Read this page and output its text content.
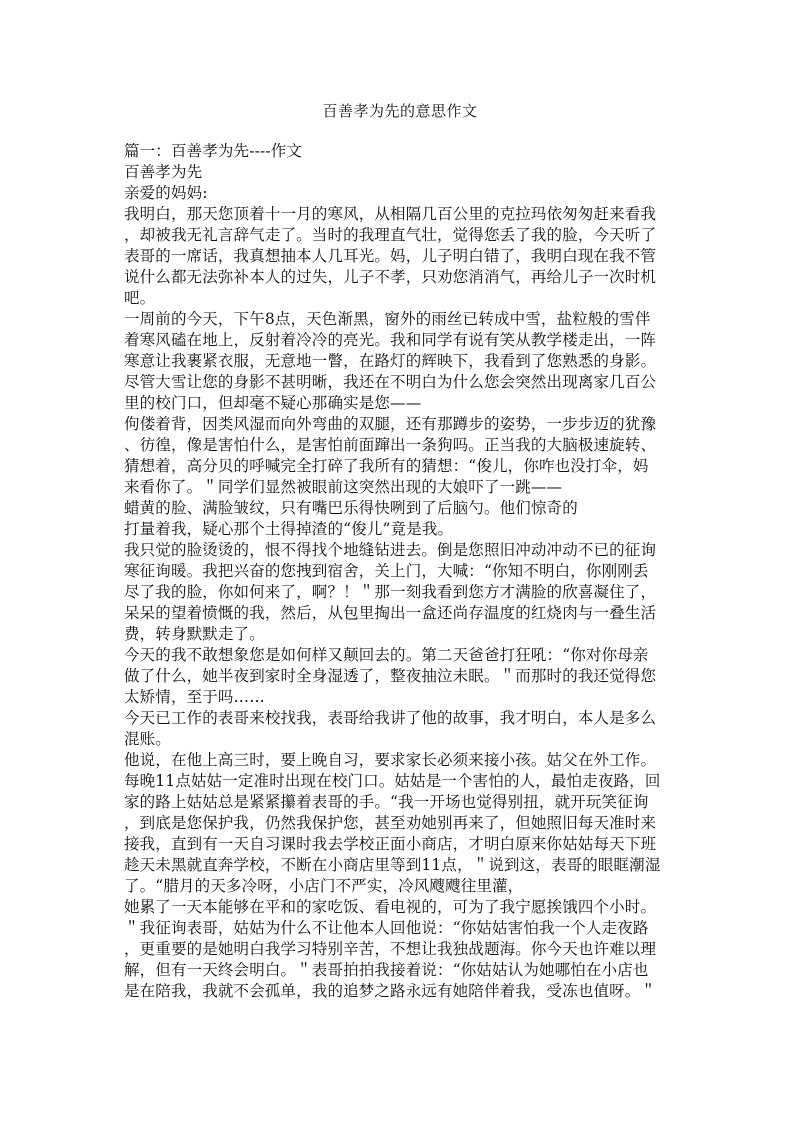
百善孝为先的意思作文
篇一：百善孝为先----作文
百善孝为先
亲爱的妈妈:
我明白，那天您顶着十一月的寒风，从相隔几百公里的克拉玛依匆匆赶来看我
，却被我无礼言辞气走了。当时的我理直气壮，觉得您丢了我的脸，今天听了
表哥的一席话，我真想抽本人几耳光。妈，儿子明白错了，我明白现在我不管
说什么都无法弥补本人的过失，儿子不孝，只劝您消消气，再给儿子一次时机
吧。
一周前的今天，下午8点，天色渐黑，窗外的雨丝已转成中雪，盐粒般的雪伴
着寒风磕在地上，反射着冷冷的亮光。我和同学有说有笑从教学楼走出，一阵
寒意让我裹紧衣服，无意地一瞥，在路灯的辉映下，我看到了您熟悉的身影。
尽管大雪让您的身影不甚明晰，我还在不明白为什么您会突然出现离家几百公
里的校门口，但却毫不疑心那确实是您——
佝偻着背，因类风湿而向外弯曲的双腿，还有那蹲步的姿势，一步步迈的犹豫
、彷徨，像是害怕什么，是害怕前面蹿出一条狗吗。正当我的大脑极速旋转、
猜想着，高分贝的呼喊完全打碎了我所有的猜想：“俊儿，你咋也没打伞，妈
来看你了。＂同学们显然被眼前这突然出现的大娘吓了一跳——
蜡黄的脸、满脸皱纹，只有嘴巴乐得快咧到了后脑勺。他们惊奇的
打量着我，疑心那个土得掉渣的“俊儿”竟是我。
我只觉的脸烫烫的，恨不得找个地缝钻进去。倒是您照旧冲动冲动不已的征询
寒征询暖。我把兴奋的您拽到宿舍，关上门，大喊：“你知不明白，你刚刚丢
尽了我的脸，你如何来了，啊？！＂那一刻我看到您方才满脸的欣喜凝住了，
呆呆的望着愤慨的我，然后，从包里掏出一盒还尚存温度的红烧肉与一叠生活
费，转身默默走了。
今天的我不敢想象您是如何样又颠回去的。第二天爸爸打狂吼：“你对你母亲
做了什么，她半夜到家时全身湿透了，整夜抽泣未眠。＂而那时的我还觉得您
太矫情，至于吗……
今天已工作的表哥来校找我，表哥给我讲了他的故事，我才明白，本人是多么
混账。
他说，在他上高三时，要上晚自习，要求家长必须来接小孩。姑父在外工作。
每晚11点姑姑一定准时出现在校门口。姑姑是一个害怕的人，最怕走夜路，回
家的路上姑姑总是紧紧攥着表哥的手。“我一开场也觉得别扭，就开玩笑征询
，到底是您保护我，仍然我保护您，甚至劝她别再来了，但她照旧每天准时来
接我，直到有一天自习课时我去学校正面小商店，才明白原来你姑姑每天下班
趁天未黑就直奔学校，不断在小商店里等到11点，＂说到这，表哥的眼眶潮湿
了。“腊月的天多冷呀，小店门不严实，冷风飕飕往里灌，
她累了一天本能够在平和的家吃饭、看电视的，可为了我宁愿挨饿四个小时。
＂我征询表哥，姑姑为什么不让他本人回他说：“你姑姑害怕我一个人走夜路
，更重要的是她明白我学习特别辛苦，不想让我独战题海。你今天也许难以理
解，但有一天终会明白。＂表哥拍拍我接着说：“你姑姑认为她哪怕在小店也
是在陪我，我就不会孤单，我的追梦之路永远有她陪伴着我，受冻也值呀。＂
